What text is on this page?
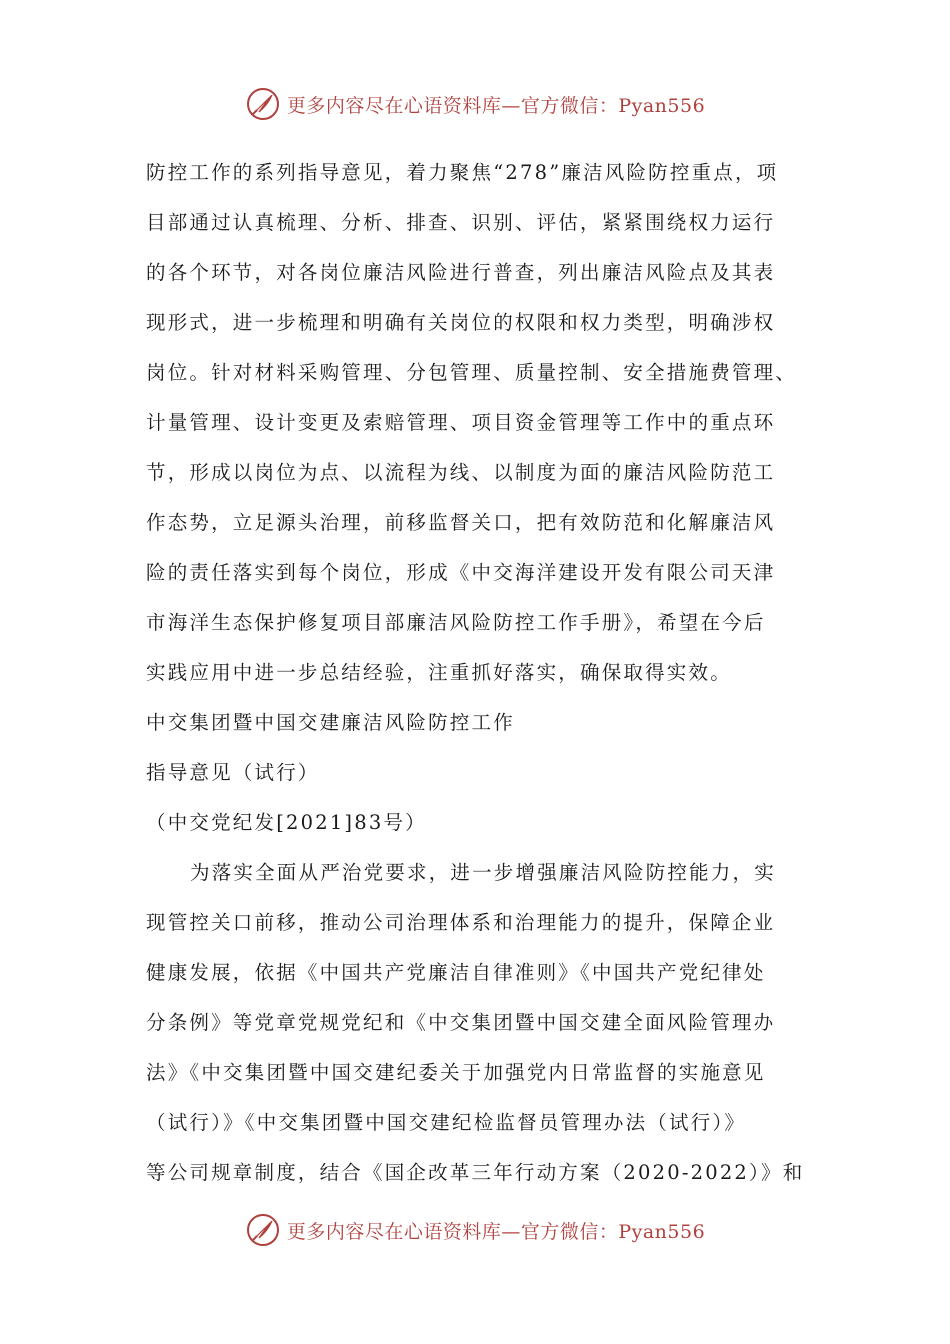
更多内容尽在心语资料库—官方微信：Pyan556
防控工作的系列指导意见，着力聚焦“278”廉洁风险防控重点，项
目部通过认真梳理、分析、排查、识别、评估，紧紧围绕权力运行
的各个环节，对各岗位廉洁风险进行普查，列出廉洁风险点及其表
现形式，进一步梳理和明确有关岗位的权限和权力类型，明确涉权
岗位。针对材料采购管理、分包管理、质量控制、安全措施费管理、
计量管理、设计变更及索赔管理、项目资金管理等工作中的重点环
节，形成以岗位为点、以流程为线、以制度为面的廉洁风险防范工
作态势，立足源头治理，前移监督关口，把有效防范和化解廉洁风
险的责任落实到每个岗位，形成《中交海洋建设开发有限公司天津
市海洋生态保护修复项目部廉洁风险防控工作手册》，希望在今后
实践应用中进一步总结经验，注重抓好落实，确保取得实效。
中交集团暨中国交建廉洁风险防控工作
指导意见（试行）
（中交党纪发[2021]83号）
为落实全面从严治党要求，进一步增强廉洁风险防控能力，实
现管控关口前移，推动公司治理体系和治理能力的提升，保障企业
健康发展，依据《中国共产党廉洁自律准则》《中国共产党纪律处
分条例》等党章党规党纪和《中交集团暨中国交建全面风险管理办
法》《中交集团暨中国交建纪委关于加强党内日常监督的实施意见
（试行）》《中交集团暨中国交建纪检监督员管理办法（试行）》
等公司规章制度，结合《国企改革三年行动方案（2020-2022）》和
更多内容尽在心语资料库—官方微信：Pyan556
